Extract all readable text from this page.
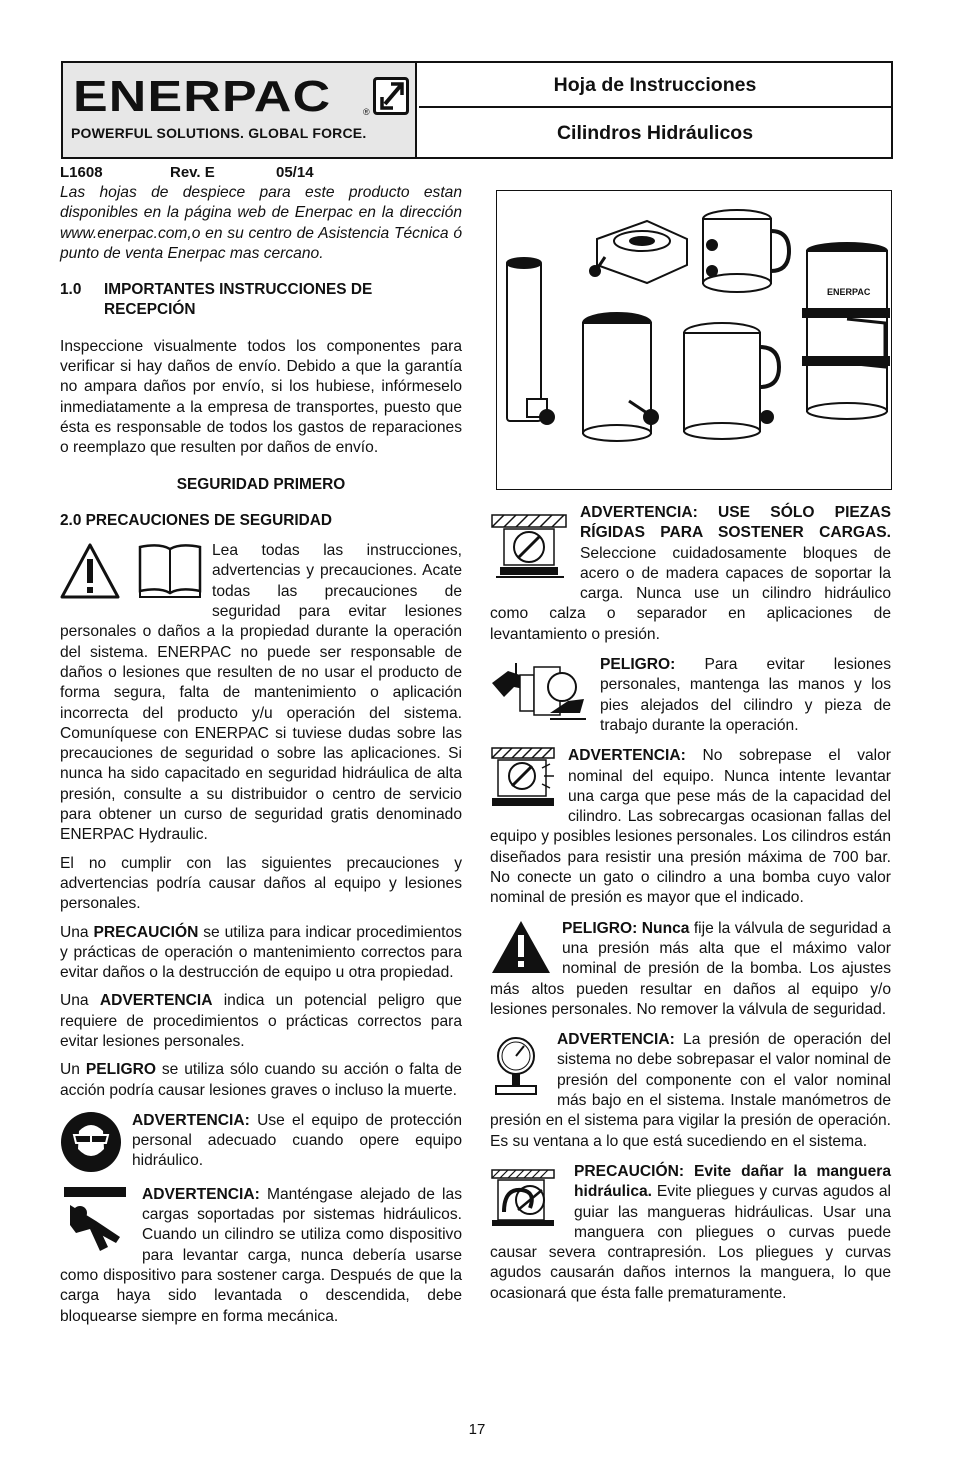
ENERPAC	®
POWERFUL SOLUTIONS. GLOBAL FORCE.
Hoja de Instrucciones
Cilindros Hidráulicos
L1608	Rev. E	05/14

Las hojas de despiece para este producto estan disponibles en la página web de Enerpac en la dirección www.enerpac.com,o en su centro de Asistencia Técnica ó punto de venta Enerpac mas cercano.

1.0	IMPORTANTES INSTRUCCIONES DE
RECEPCIÓN

Inspeccione visualmente todos los componentes para verificar si hay daños de envío. Debido a que la garantía no ampara daños por envío, si los hubiese, infórmeselo inmediatamente a la empresa de transportes, puesto que ésta es responsable de todos los gastos de reparaciones o reemplazo que resulten por daños de envío.

SEGURIDAD PRIMERO
2.0 PRECAUCIONES DE SEGURIDAD

Lea todas las instrucciones, advertencias y precauciones. Acate todas las precauciones de seguridad para evitar lesiones personales o daños a la propiedad durante la operación del sistema. ENERPAC no puede ser responsable de daños o lesiones que resulten de no usar el producto de forma segura, falta de mantenimiento o aplicación incorrecta del producto y/u operación del sistema. Comuníquese con ENERPAC si tuviese dudas sobre las precauciones de seguridad o sobre las aplicaciones. Si nunca ha sido capacitado en seguridad hidráulica de alta presión, consulte a su distribuidor o centro de servicio para obtener un curso de seguridad gratis denominado ENERPAC Hydraulic.

El no cumplir con las siguientes precauciones y advertencias podría causar daños al equipo y lesiones personales.

Una PRECAUCIÓN se utiliza para indicar procedimientos y prácticas de operación o mantenimiento correctos para evitar daños o la destrucción de equipo u otra propiedad.

Una ADVERTENCIA indica un potencial peligro que requiere de procedimientos o prácticas correctos para evitar lesiones personales.

Un PELIGRO se utiliza sólo cuando su acción o falta de acción podría causar lesiones graves o incluso la muerte.

ADVERTENCIA: Use el equipo de protección personal adecuado cuando opere equipo hidráulico.

ADVERTENCIA: Manténgase alejado de las cargas soportadas por sistemas hidráulicos. Cuando un cilindro se utiliza como dispositivo para levantar carga, nunca debería usarse como dispositivo para sostener carga. Después de que la carga haya sido levantada o descendida, debe bloquearse siempre en forma mecánica.

ENERPAC

ADVERTENCIA: USE SÓLO PIEZAS RÍGIDAS PARA SOSTENER CARGAS. Seleccione cuidadosamente bloques de acero o de madera capaces de soportar la carga. Nunca use un cilindro hidráulico como calza o separador en aplicaciones de levantamiento o presión.

PELIGRO: Para evitar lesiones personales, mantenga las manos y los pies alejados del cilindro y pieza de trabajo durante la operación.

ADVERTENCIA: No sobrepase el valor nominal del equipo. Nunca intente levantar una carga que pese más de la capacidad del cilindro. Las sobrecargas ocasionan fallas del equipo y posibles lesiones personales. Los cilindros están diseñados para resistir una presión máxima de 700 bar. No conecte un gato o cilindro a una bomba cuyo valor nominal de presión es mayor que el indicado.

PELIGRO: Nunca fije la válvula de seguridad a una presión más alta que el máximo valor nominal de presión de la bomba. Los ajustes más altos pueden resultar en daños al equipo y/o lesiones personales. No remover la válvula de seguridad.

ADVERTENCIA: La presión de operación del sistema no debe sobrepasar el valor nominal de presión del componente con el valor nominal más bajo en el sistema. Instale manómetros de presión en el sistema para vigilar la presión de operación. Es su ventana a lo que está sucediendo en el sistema.

PRECAUCIÓN: Evite dañar la manguera hidráulica. Evite pliegues y curvas agudos al guiar las mangueras hidráulicas. Usar una manguera con pliegues o curvas puede causar severa contrapresión. Los pliegues y curvas agudos causarán daños internos la manguera, lo que ocasionará que ésta falle prematuramente.

17
